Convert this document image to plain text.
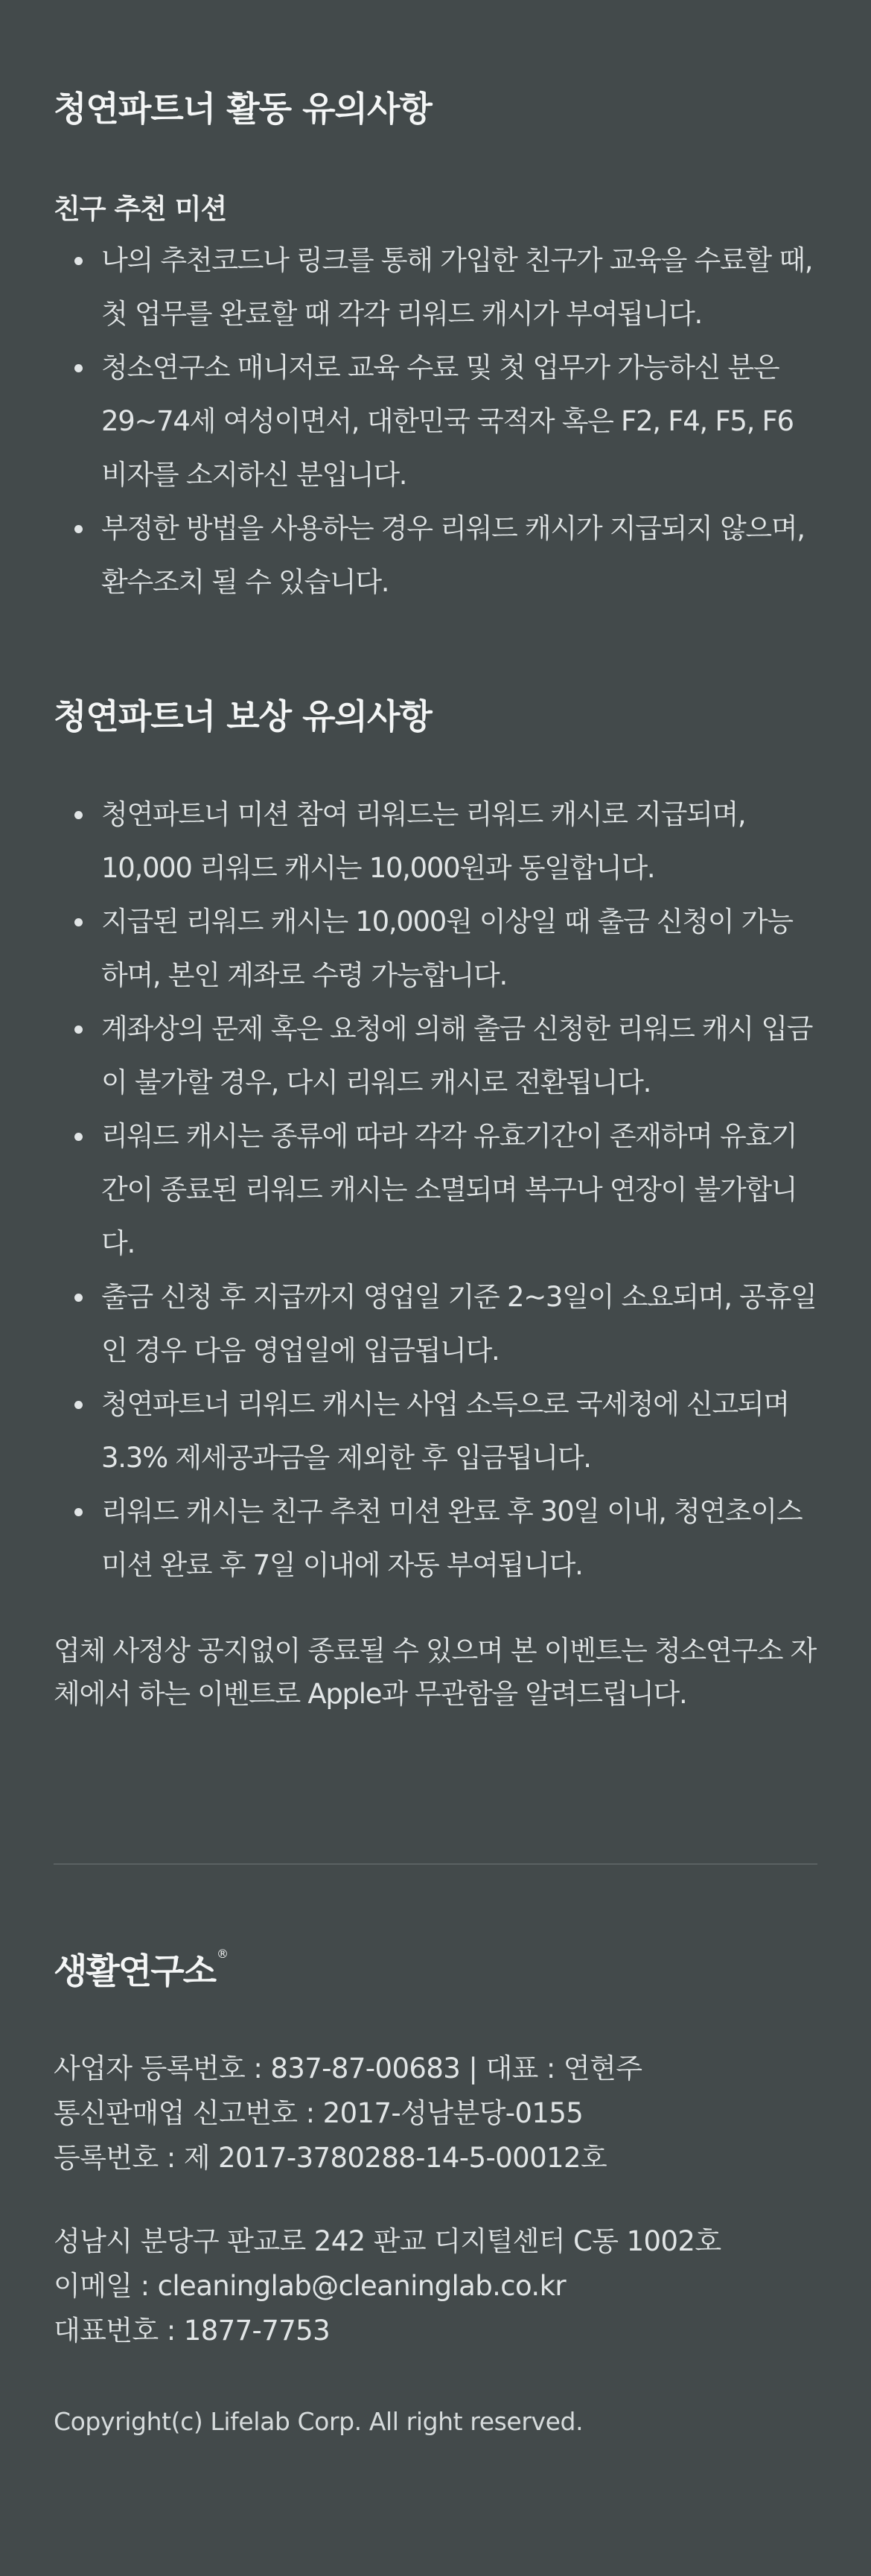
청연파트너 활동 유의사항
친구 추천 미션
나의 추천코드나 링크를 통해 가입한 친구가 교육을 수료할 때, 첫 업무를 완료할 때 각각 리워드 캐시가 부여됩니다.
청소연구소 매니저로 교육 수료 및 첫 업무가 가능하신 분은 29~74세 여성이면서, 대한민국 국적자 혹은 F2, F4, F5, F6 비자를 소지하신 분입니다.
부정한 방법을 사용하는 경우 리워드 캐시가 지급되지 않으며, 환수조치 될 수 있습니다.
청연파트너 보상 유의사항
청연파트너 미션 참여 리워드는 리워드 캐시로 지급되며, 10,000 리워드 캐시는 10,000원과 동일합니다.
지급된 리워드 캐시는 10,000원 이상일 때 출금 신청이 가능하며, 본인 계좌로 수령 가능합니다.
계좌상의 문제 혹은 요청에 의해 출금 신청한 리워드 캐시 입금이 불가할 경우, 다시 리워드 캐시로 전환됩니다.
리워드 캐시는 종류에 따라 각각 유효기간이 존재하며 유효기간이 종료된 리워드 캐시는 소멸되며 복구나 연장이 불가합니다.
출금 신청 후 지급까지 영업일 기준 2~3일이 소요되며, 공휴일인 경우 다음 영업일에 입금됩니다.
청연파트너 리워드 캐시는 사업 소득으로 국세청에 신고되며 3.3% 제세공과금을 제외한 후 입금됩니다.
리워드 캐시는 친구 추천 미션 완료 후 30일 이내, 청연초이스 미션 완료 후 7일 이내에 자동 부여됩니다.

업체 사정상 공지없이 종료될 수 있으며 본 이벤트는 청소연구소 자체에서 하는 이벤트로 Apple과 무관함을 알려드립니다.

생활연구소 ®
사업자 등록번호 : 837-87-00683 | 대표 : 연현주
통신판매업 신고번호 : 2017-성남분당-0155
등록번호 : 제 2017-3780288-14-5-00012호
성남시 분당구 판교로 242 판교 디지털센터 C동 1002호
이메일 : cleaninglab@cleaninglab.co.kr
대표번호 : 1877-7753
Copyright(c) Lifelab Corp. All right reserved.
